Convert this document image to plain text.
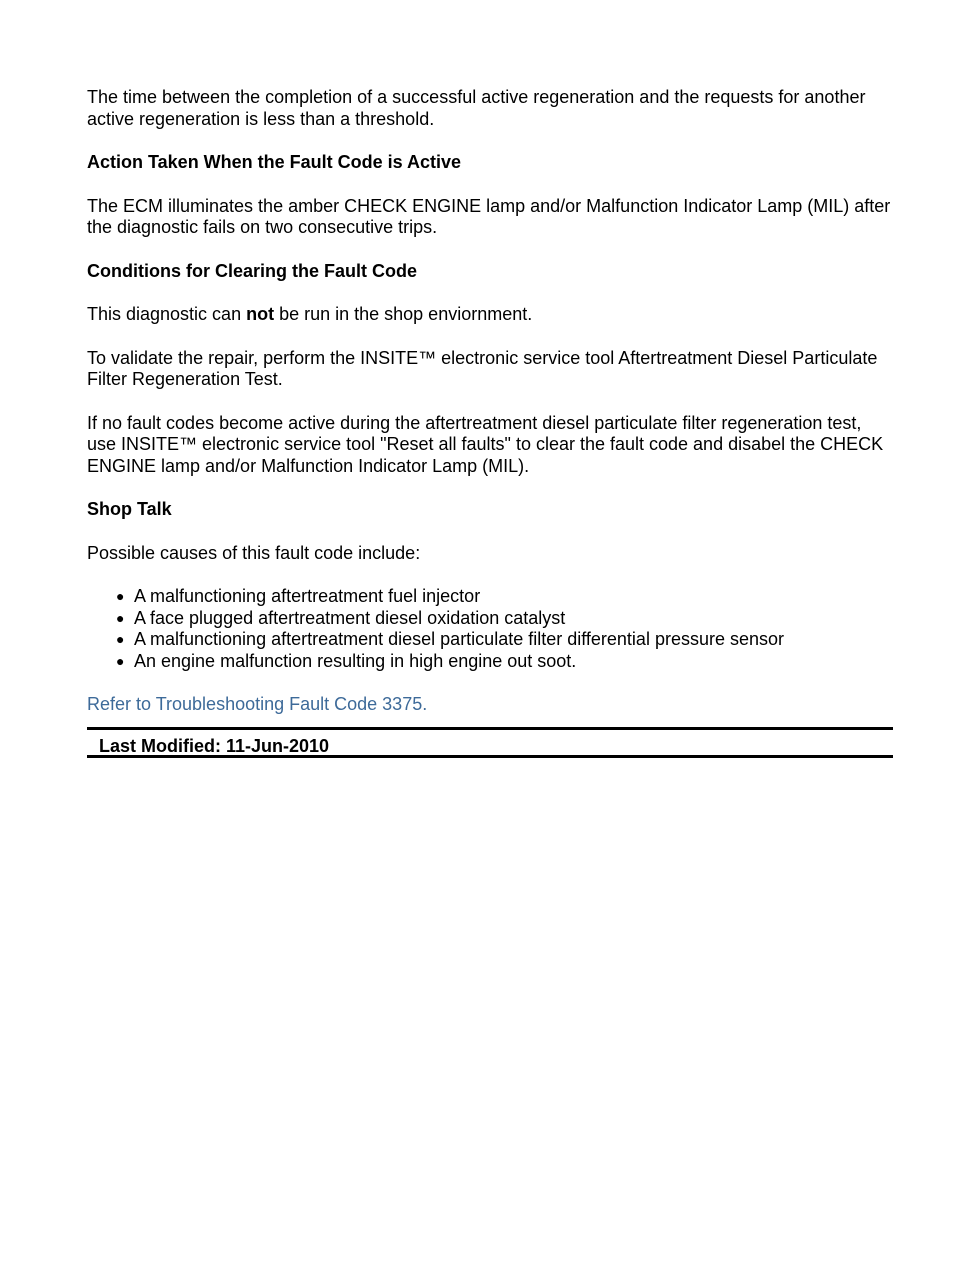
The time between the completion of a successful active regeneration and the requests for another active regeneration is less than a threshold.

Action Taken When the Fault Code is Active

The ECM illuminates the amber CHECK ENGINE lamp and/or Malfunction Indicator Lamp (MIL) after the diagnostic fails on two consecutive trips.

Conditions for Clearing the Fault Code

This diagnostic can not be run in the shop enviornment.

To validate the repair, perform the INSITE™ electronic service tool Aftertreatment Diesel Particulate Filter Regeneration Test.

If no fault codes become active during the aftertreatment diesel particulate filter regeneration test, use INSITE™ electronic service tool "Reset all faults" to clear the fault code and disabel the CHECK ENGINE lamp and/or Malfunction Indicator Lamp (MIL).

Shop Talk

Possible causes of this fault code include:

● A malfunctioning aftertreatment fuel injector
● A face plugged aftertreatment diesel oxidation catalyst
● A malfunctioning aftertreatment diesel particulate filter differential pressure sensor
● An engine malfunction resulting in high engine out soot.
Refer to Troubleshooting Fault Code 3375.
Last Modified: 11-Jun-2010
